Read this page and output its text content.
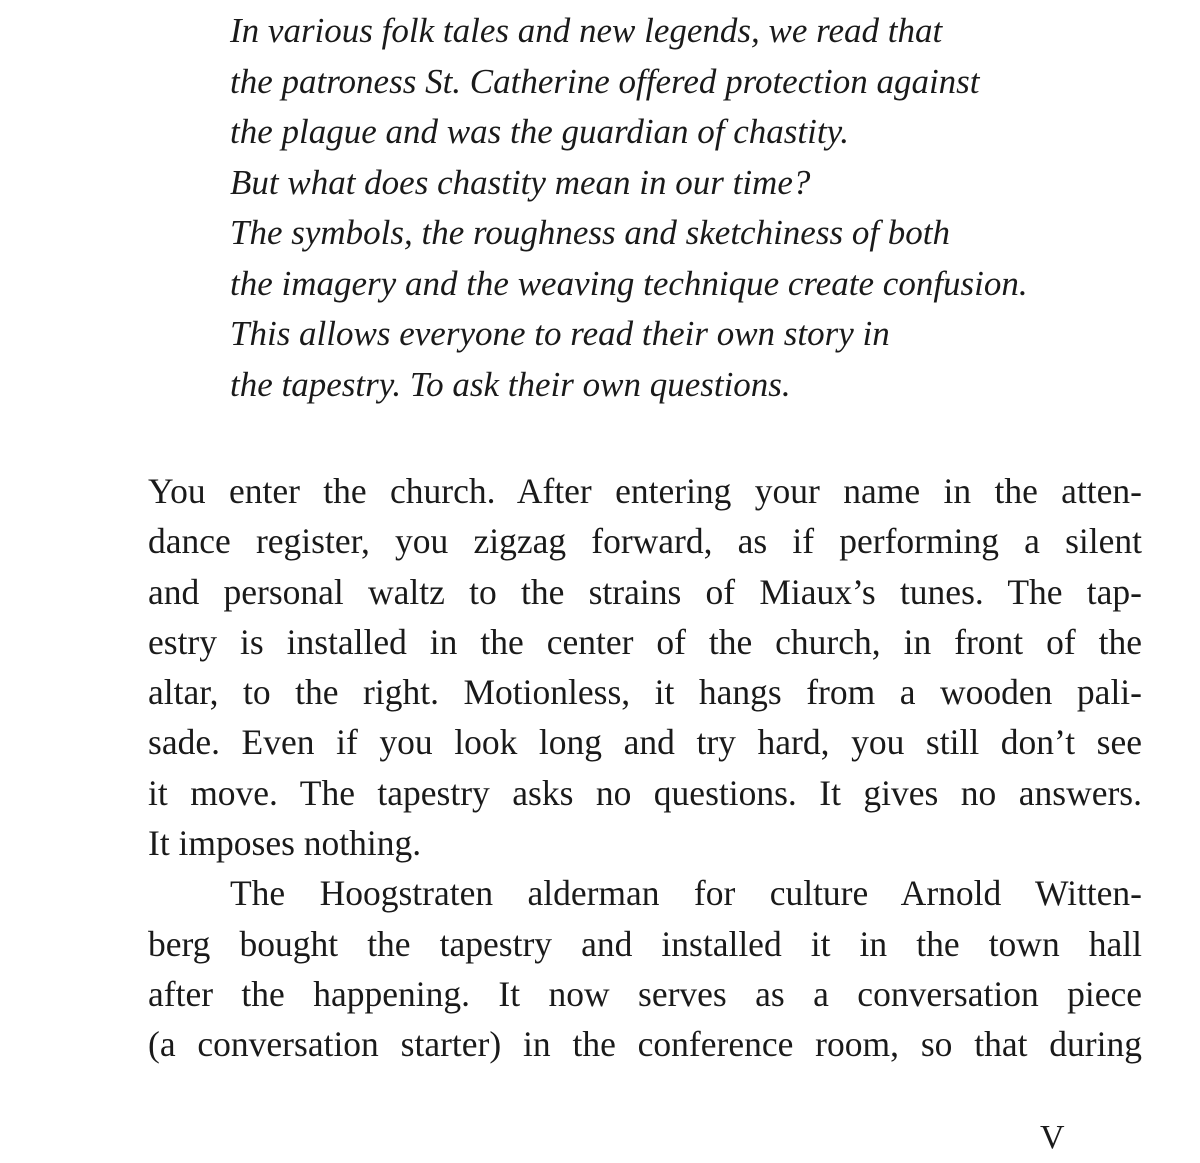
In various folk tales and new legends, we read that
the patroness St. Catherine offered protection against
the plague and was the guardian of chastity.
But what does chastity mean in our time?
The symbols, the roughness and sketchiness of both
the imagery and the weaving technique create confusion.
This allows everyone to read their own story in
the tapestry. To ask their own questions.
You enter the church. After entering your name in the atten-
dance register, you zigzag forward, as if performing a silent
and personal waltz to the strains of Miaux’s tunes. The tap-
estry is installed in the center of the church, in front of the
altar, to the right. Motionless, it hangs from a wooden pali-
sade. Even if you look long and try hard, you still don’t see
it move. The tapestry asks no questions. It gives no answers.
It imposes nothing.
The Hoogstraten alderman for culture Arnold Witten-
berg bought the tapestry and installed it in the town hall
after the happening. It now serves as a conversation piece
(a conversation starter) in the conference room, so that during
V
